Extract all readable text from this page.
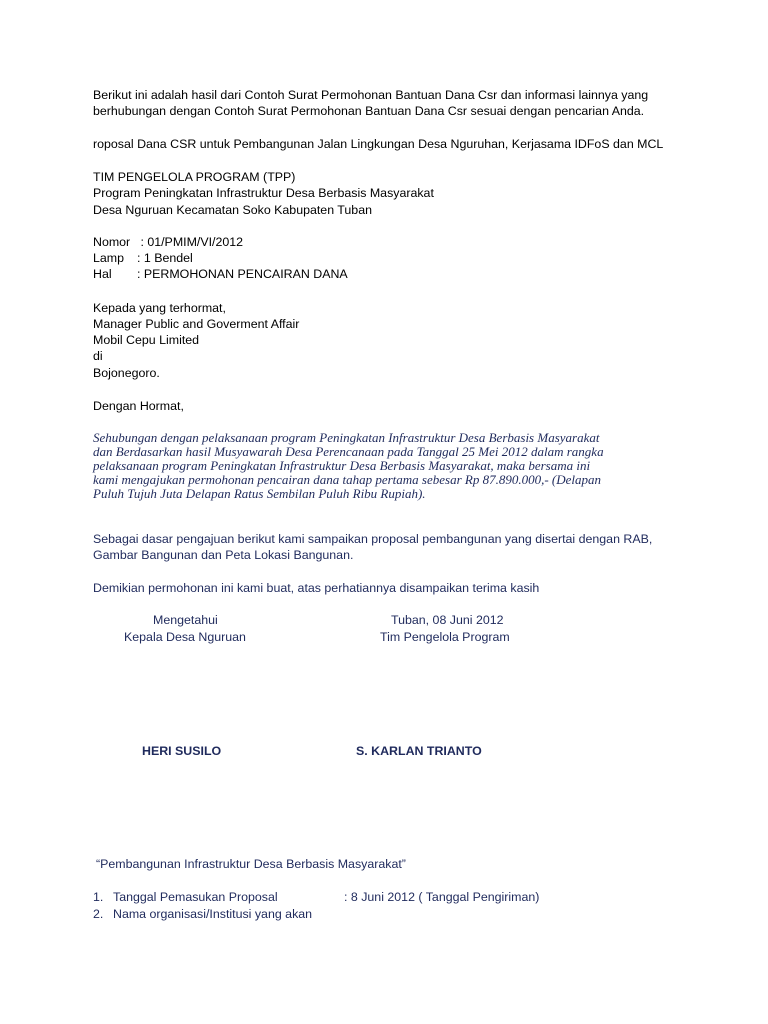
Berikut ini adalah hasil dari Contoh Surat Permohonan Bantuan Dana Csr dan informasi lainnya yang
berhubungan dengan Contoh Surat Permohonan Bantuan Dana Csr sesuai dengan pencarian Anda.
roposal Dana CSR untuk Pembangunan Jalan Lingkungan Desa Nguruhan, Kerjasama IDFoS dan MCL
TIM PENGELOLA PROGRAM (TPP)
Program Peningkatan Infrastruktur Desa Berbasis Masyarakat
Desa Nguruan Kecamatan Soko Kabupaten Tuban
Nomor : 01/PMIM/VI/2012
Lamp : 1 Bendel
Hal : PERMOHONAN PENCAIRAN DANA
Kepada yang terhormat,
Manager Public and Goverment Affair
Mobil Cepu Limited
di
Bojonegoro.
Dengan Hormat,
Sehubungan dengan pelaksanaan program Peningkatan Infrastruktur Desa Berbasis Masyarakat
dan Berdasarkan hasil Musyawarah Desa Perencanaan pada Tanggal 25 Mei 2012 dalam rangka
pelaksanaan program Peningkatan Infrastruktur Desa Berbasis Masyarakat, maka bersama ini
kami mengajukan permohonan pencairan dana tahap pertama sebesar Rp 87.890.000,- (Delapan
Puluh Tujuh Juta Delapan Ratus Sembilan Puluh Ribu Rupiah).
Sebagai dasar pengajuan berikut kami sampaikan proposal pembangunan yang disertai dengan RAB,
Gambar Bangunan dan Peta Lokasi Bangunan.
Demikian permohonan ini kami buat, atas perhatiannya disampaikan terima kasih
Mengetahui
Kepala Desa Nguruan
Tuban, 08 Juni 2012
Tim Pengelola Program
HERI SUSILO	S. KARLAN TRIANTO
“Pembangunan Infrastruktur Desa Berbasis Masyarakat”
1. Tanggal Pemasukan Proposal	: 8 Juni 2012 ( Tanggal Pengiriman)
2. Nama organisasi/Institusi yang akan
